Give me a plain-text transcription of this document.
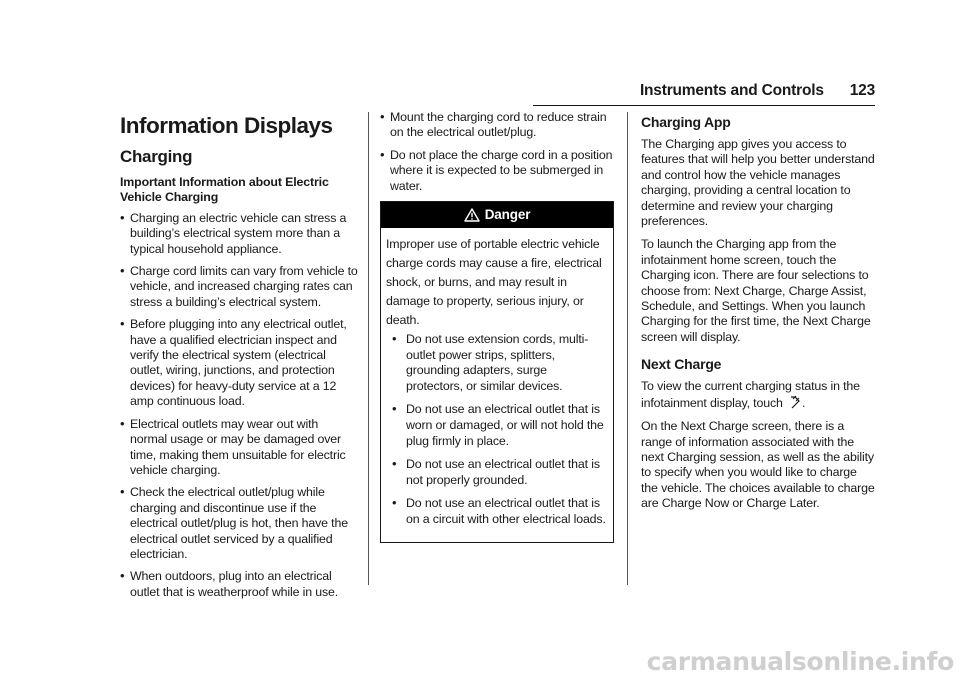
Instruments and Controls 123
Information Displays
Charging
Important Information about Electric Vehicle Charging
• Charging an electric vehicle can stress a building’s electrical system more than a typical household appliance.
• Charge cord limits can vary from vehicle to vehicle, and increased charging rates can stress a building’s electrical system.
• Before plugging into any electrical outlet, have a qualified electrician inspect and verify the electrical system (electrical outlet, wiring, junctions, and protection devices) for heavy-duty service at a 12 amp continuous load.
• Electrical outlets may wear out with normal usage or may be damaged over time, making them unsuitable for electric vehicle charging.
• Check the electrical outlet/plug while charging and discontinue use if the electrical outlet/plug is hot, then have the electrical outlet serviced by a qualified electrician.
• When outdoors, plug into an electrical outlet that is weatherproof while in use.
• Mount the charging cord to reduce strain on the electrical outlet/plug.
• Do not place the charge cord in a position where it is expected to be submerged in water.
Danger
Improper use of portable electric vehicle charge cords may cause a fire, electrical shock, or burns, and may result in damage to property, serious injury, or death.
• Do not use extension cords, multi-outlet power strips, splitters, grounding adapters, surge protectors, or similar devices.
• Do not use an electrical outlet that is worn or damaged, or will not hold the plug firmly in place.
• Do not use an electrical outlet that is not properly grounded.
• Do not use an electrical outlet that is on a circuit with other electrical loads.
Charging App

The Charging app gives you access to features that will help you better understand and control how the vehicle manages charging, providing a central location to determine and review your charging preferences.

To launch the Charging app from the infotainment home screen, touch the Charging icon. There are four selections to choose from: Next Charge, Charge Assist, Schedule, and Settings. When you launch Charging for the first time, the Next Charge screen will display.

Next Charge

To view the current charging status in the infotainment display, touch .

On the Next Charge screen, there is a range of information associated with the next Charging session, as well as the ability to specify when you would like to charge the vehicle. The choices available to charge are Charge Now or Charge Later.

carmanualsonline.info
